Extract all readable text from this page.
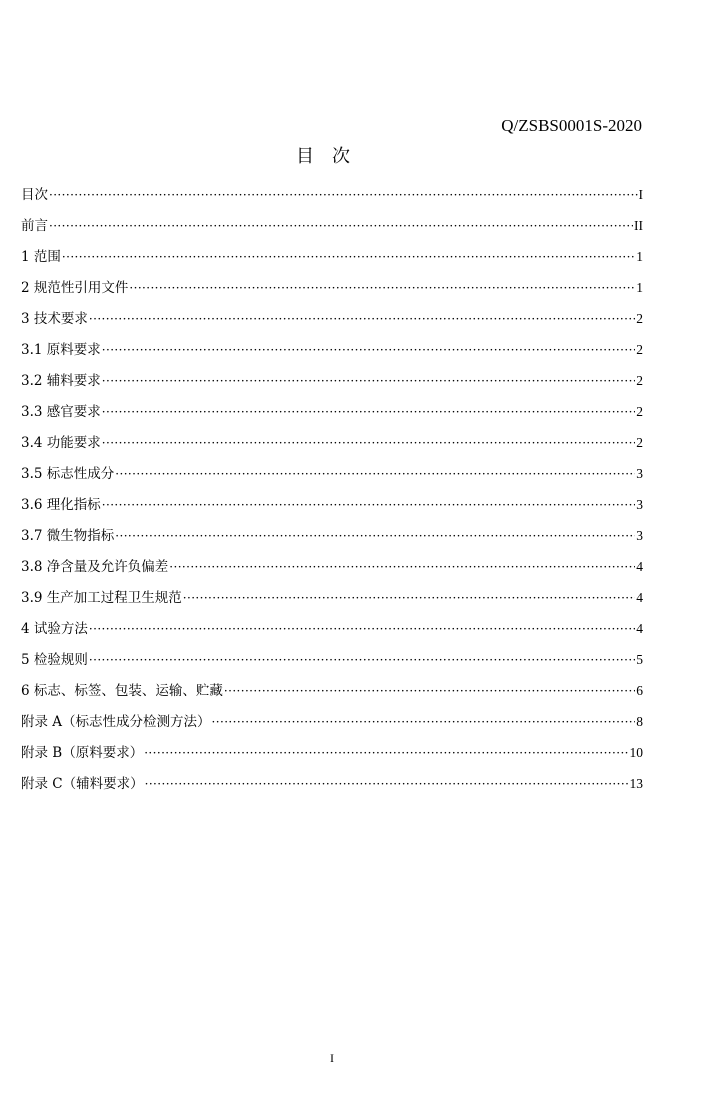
Q/ZSBS0001S-2020
目次
目次 ·····	I
前言 ·····	II
1 范围 ·····	1
2 规范性引用文件 ·····	1
3 技术要求 ·····	2
3.1 原料要求 ·····	2
3.2 辅料要求 ·····	2
3.3 感官要求 ·····	2
3.4 功能要求 ·····	2
3.5 标志性成分 ·····	3
3.6 理化指标 ·····	3
3.7 微生物指标 ·····	3
3.8 净含量及允许负偏差 ·····	4
3.9 生产加工过程卫生规范 ·····	4
4 试验方法 ·····	4
5 检验规则 ·····	5
6 标志、标签、包装、运输、贮藏 ·····	6
附录 A（标志性成分检测方法） ·····	8
附录 B（原料要求） ·····	10
附录 C（辅料要求） ·····	13
I
